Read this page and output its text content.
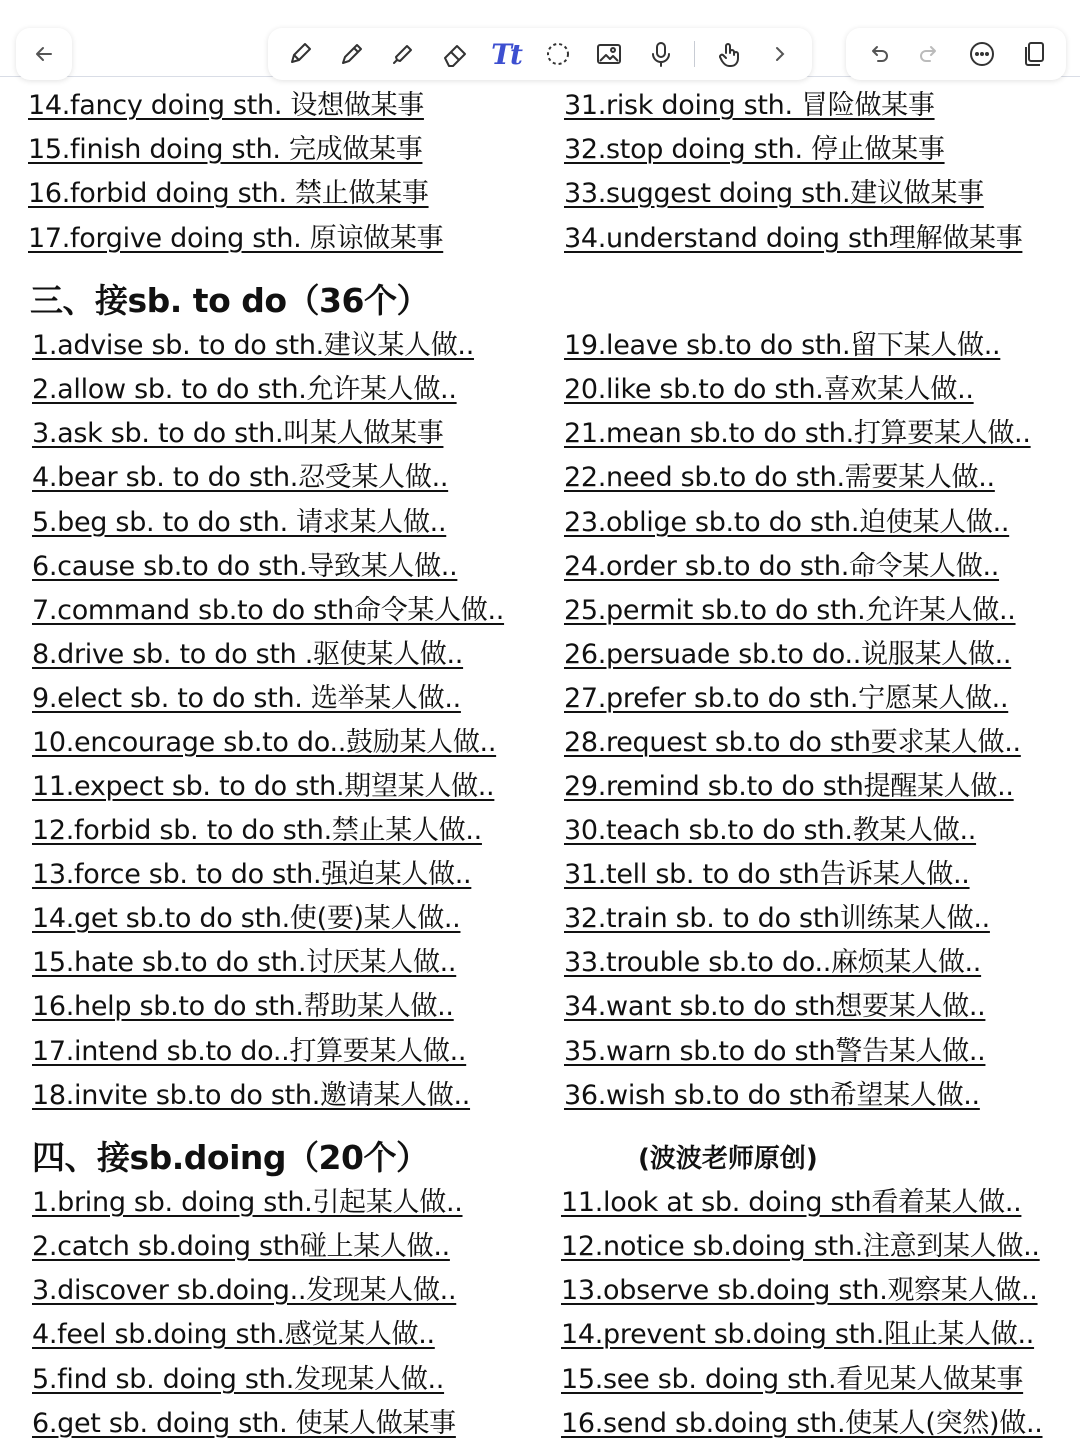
Tt
14.fancy doing sth. 设想做某事
15.finish doing sth. 完成做某事
16.forbid doing sth. 禁止做某事
17.forgive doing sth. 原谅做某事
31.risk doing sth. 冒险做某事
32.stop doing sth. 停止做某事
33.suggest doing sth.建议做某事
34.understand doing sth理解做某事
三、接sb. to do（36个）
1.advise sb. to do sth.建议某人做..
2.allow sb. to do sth.允许某人做..
3.ask sb. to do sth.叫某人做某事
4.bear sb. to do sth.忍受某人做..
5.beg sb. to do sth. 请求某人做..
6.cause sb.to do sth.导致某人做..
7.command sb.to do sth命令某人做..
8.drive sb. to do sth .驱使某人做..
9.elect sb. to do sth. 选举某人做..
10.encourage sb.to do..鼓励某人做..
11.expect sb. to do sth.期望某人做..
12.forbid sb. to do sth.禁止某人做..
13.force sb. to do sth.强迫某人做..
14.get sb.to do sth.使(要)某人做..
15.hate sb.to do sth.讨厌某人做..
16.help sb.to do sth.帮助某人做..
17.intend sb.to do..打算要某人做..
18.invite sb.to do sth.邀请某人做..
19.leave sb.to do sth.留下某人做..
20.like sb.to do sth.喜欢某人做..
21.mean sb.to do sth.打算要某人做..
22.need sb.to do sth.需要某人做..
23.oblige sb.to do sth.迫使某人做..
24.order sb.to do sth.命令某人做..
25.permit sb.to do sth.允许某人做..
26.persuade sb.to do..说服某人做..
27.prefer sb.to do sth.宁愿某人做..
28.request sb.to do sth要求某人做..
29.remind sb.to do sth提醒某人做..
30.teach sb.to do sth.教某人做..
31.tell sb. to do sth告诉某人做..
32.train sb. to do sth训练某人做..
33.trouble sb.to do..麻烦某人做..
34.want sb.to do sth想要某人做..
35.warn sb.to do sth警告某人做..
36.wish sb.to do sth希望某人做..
四、接sb.doing（20个）	(波波老师原创)
1.bring sb. doing sth.引起某人做..
2.catch sb.doing sth碰上某人做..
3.discover sb.doing..发现某人做..
4.feel sb.doing sth.感觉某人做..
5.find sb. doing sth.发现某人做..
6.get sb. doing sth. 使某人做某事
11.look at sb. doing sth看着某人做..
12.notice sb.doing sth.注意到某人做..
13.observe sb.doing sth.观察某人做..
14.prevent sb.doing sth.阻止某人做..
15.see sb. doing sth.看见某人做某事
16.send sb.doing sth.使某人(突然)做..
